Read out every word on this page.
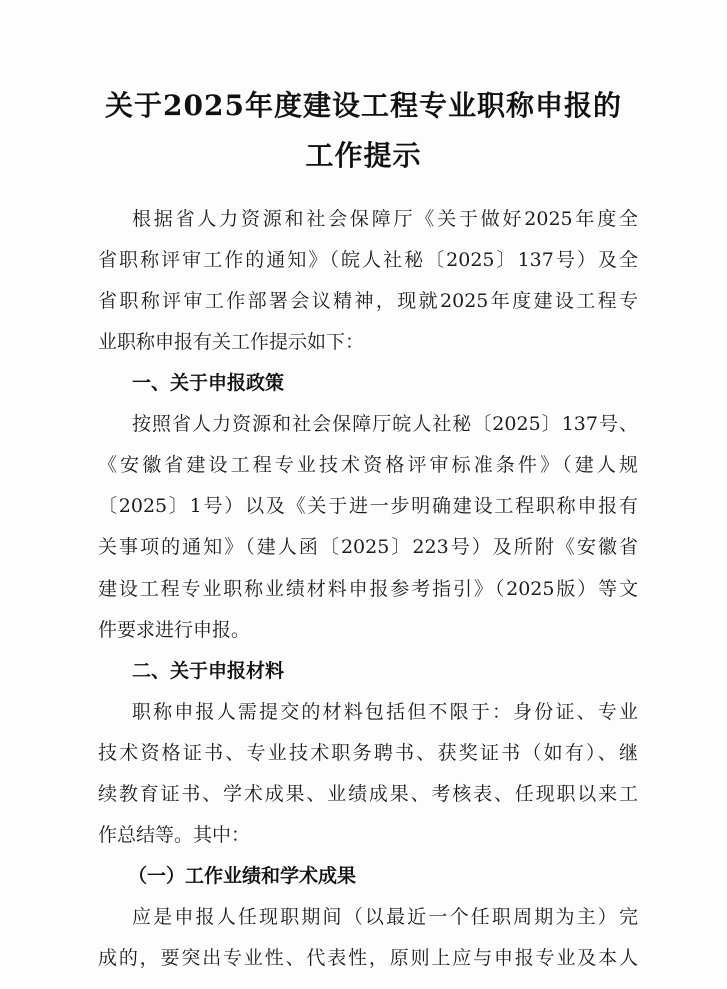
关于2025年度建设工程专业职称申报的
工作提示
根据省人力资源和社会保障厅《关于做好2025年度全
省职称评审工作的通知》（皖人社秘〔2025〕137号）及全
省职称评审工作部署会议精神，现就2025年度建设工程专
业职称申报有关工作提示如下：
一、关于申报政策
按照省人力资源和社会保障厅皖人社秘〔2025〕137号、
《安徽省建设工程专业技术资格评审标准条件》（建人规
〔2025〕1号）以及《关于进一步明确建设工程职称申报有
关事项的通知》（建人函〔2025〕223号）及所附《安徽省
建设工程专业职称业绩材料申报参考指引》（2025版）等文
件要求进行申报。
二、关于申报材料
职称申报人需提交的材料包括但不限于：身份证、专业
技术资格证书、专业技术职务聘书、获奖证书（如有）、继
续教育证书、学术成果、业绩成果、考核表、任现职以来工
作总结等。其中：
（一）工作业绩和学术成果
应是申报人任现职期间（以最近一个任职周期为主）完
成的，要突出专业性、代表性，原则上应与申报专业及本人
